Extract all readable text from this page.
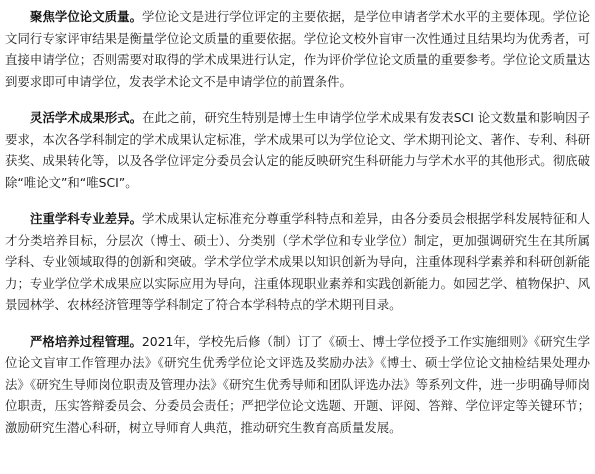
聚焦学位论文质量。学位论文是进行学位评定的主要依据，是学位申请者学术水平的主要体现。学位论文同行专家评审结果是衡量学位论文质量的重要依据。学位论文校外盲审一次性通过且结果均为优秀者，可直接申请学位；否则需要对取得的学术成果进行认定，作为评价学位论文质量的重要参考。学位论文质量达到要求即可申请学位，发表学术论文不是申请学位的前置条件。

灵活学术成果形式。在此之前，研究生特别是博士生申请学位学术成果有发表SCI 论文数量和影响因子要求，本次各学科制定的学术成果认定标准，学术成果可以为学位论文、学术期刊论文、著作、专利、科研获奖、成果转化等，以及各学位评定分委员会认定的能反映研究生科研能力与学术水平的其他形式。彻底破除“唯论文”和“唯SCI”。

注重学科专业差异。学术成果认定标准充分尊重学科特点和差异，由各分委员会根据学科发展特征和人才分类培养目标，分层次（博士、硕士）、分类别（学术学位和专业学位）制定，更加强调研究生在其所属学科、专业领域取得的创新和突破。学术学位学术成果以知识创新为导向，注重体现科学素养和科研创新能力；专业学位学术成果应以实际应用为导向，注重体现职业素养和实践创新能力。如园艺学、植物保护、风景园林学、农林经济管理等学科制定了符合本学科特点的学术期刊目录。

严格培养过程管理。2021年，学校先后修（制）订了《硕士、博士学位授予工作实施细则》《研究生学位论文盲审工作管理办法》《研究生优秀学位论文评选及奖励办法》《博士、硕士学位论文抽检结果处理办法》《研究生导师岗位职责及管理办法》《研究生优秀导师和团队评选办法》等系列文件，进一步明确导师岗位职责，压实答辩委员会、分委员会责任；严把学位论文选题、开题、评阅、答辩、学位评定等关键环节；激励研究生潜心科研，树立导师育人典范，推动研究生教育高质量发展。
